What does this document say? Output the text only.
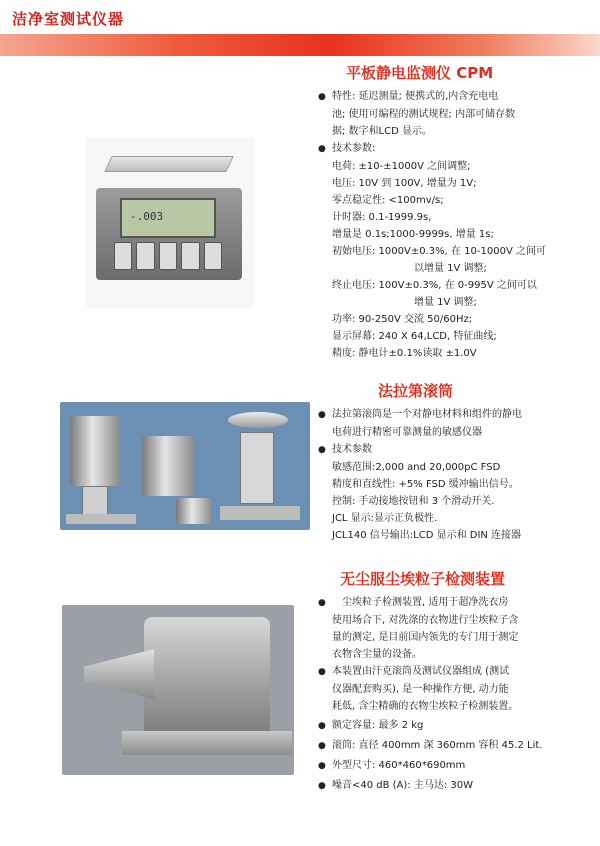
洁净室测试仪器
平板静电监测仪 CPM
-.003
● 特性: 延迟测量; 便携式的,内含充电电
池; 使用可编程的测试规程; 内部可储存数
据; 数字和LCD 显示。
● 技术参数:
电荷: ±10-±1000V 之间调整;
电压: 10V 到 100V, 增量为 1V;
零点稳定性: <100mv/s;
计时器: 0.1-1999.9s,
增量是 0.1s;1000-9999s, 增量 1s;
初始电压: 1000V±0.3%, 在 10-1000V 之间可
以增量 1V 调整;
终止电压: 100V±0.3%, 在 0-995V 之间可以
增量 1V 调整;
功率: 90-250V 交流 50/60Hz;
显示屏幕: 240 X 64,LCD, 特征曲线;
精度: 静电计±0.1%读取 ±1.0V
法拉第滚筒
● 法拉第滚筒是一个对静电材料和组件的静电
电荷进行精密可靠测量的敏感仪器
● 技术参数
敏感范围:2,000 and 20,000pC FSD
精度和直线性: +5% FSD 缓冲输出信号。
控制: 手动接地按钮和 3 个滑动开关.
JCL 显示:显示正负极性.
JCL140 信号输出:LCD 显示和 DIN 连接器
无尘服尘埃粒子检测装置
● 尘埃粒子检测装置, 适用于超净洗衣房
使用场合下, 对洗涤的衣物进行尘埃粒子含
量的测定, 是目前国内领先的专门用于测定
衣物含尘量的设备。
● 本装置由汗克滚筒及测试仪器组成 (测试
仪器配套购买), 是一种操作方便, 动力能
耗低, 含尘精确的衣物尘埃粒子检测装置。
● 额定容量: 最多 2 kg
● 滚筒: 直径 400mm 深 360mm 容积 45.2 Lit.
● 外型尺寸: 460*460*690mm
● 噪音<40 dB (A): 主马达: 30W
